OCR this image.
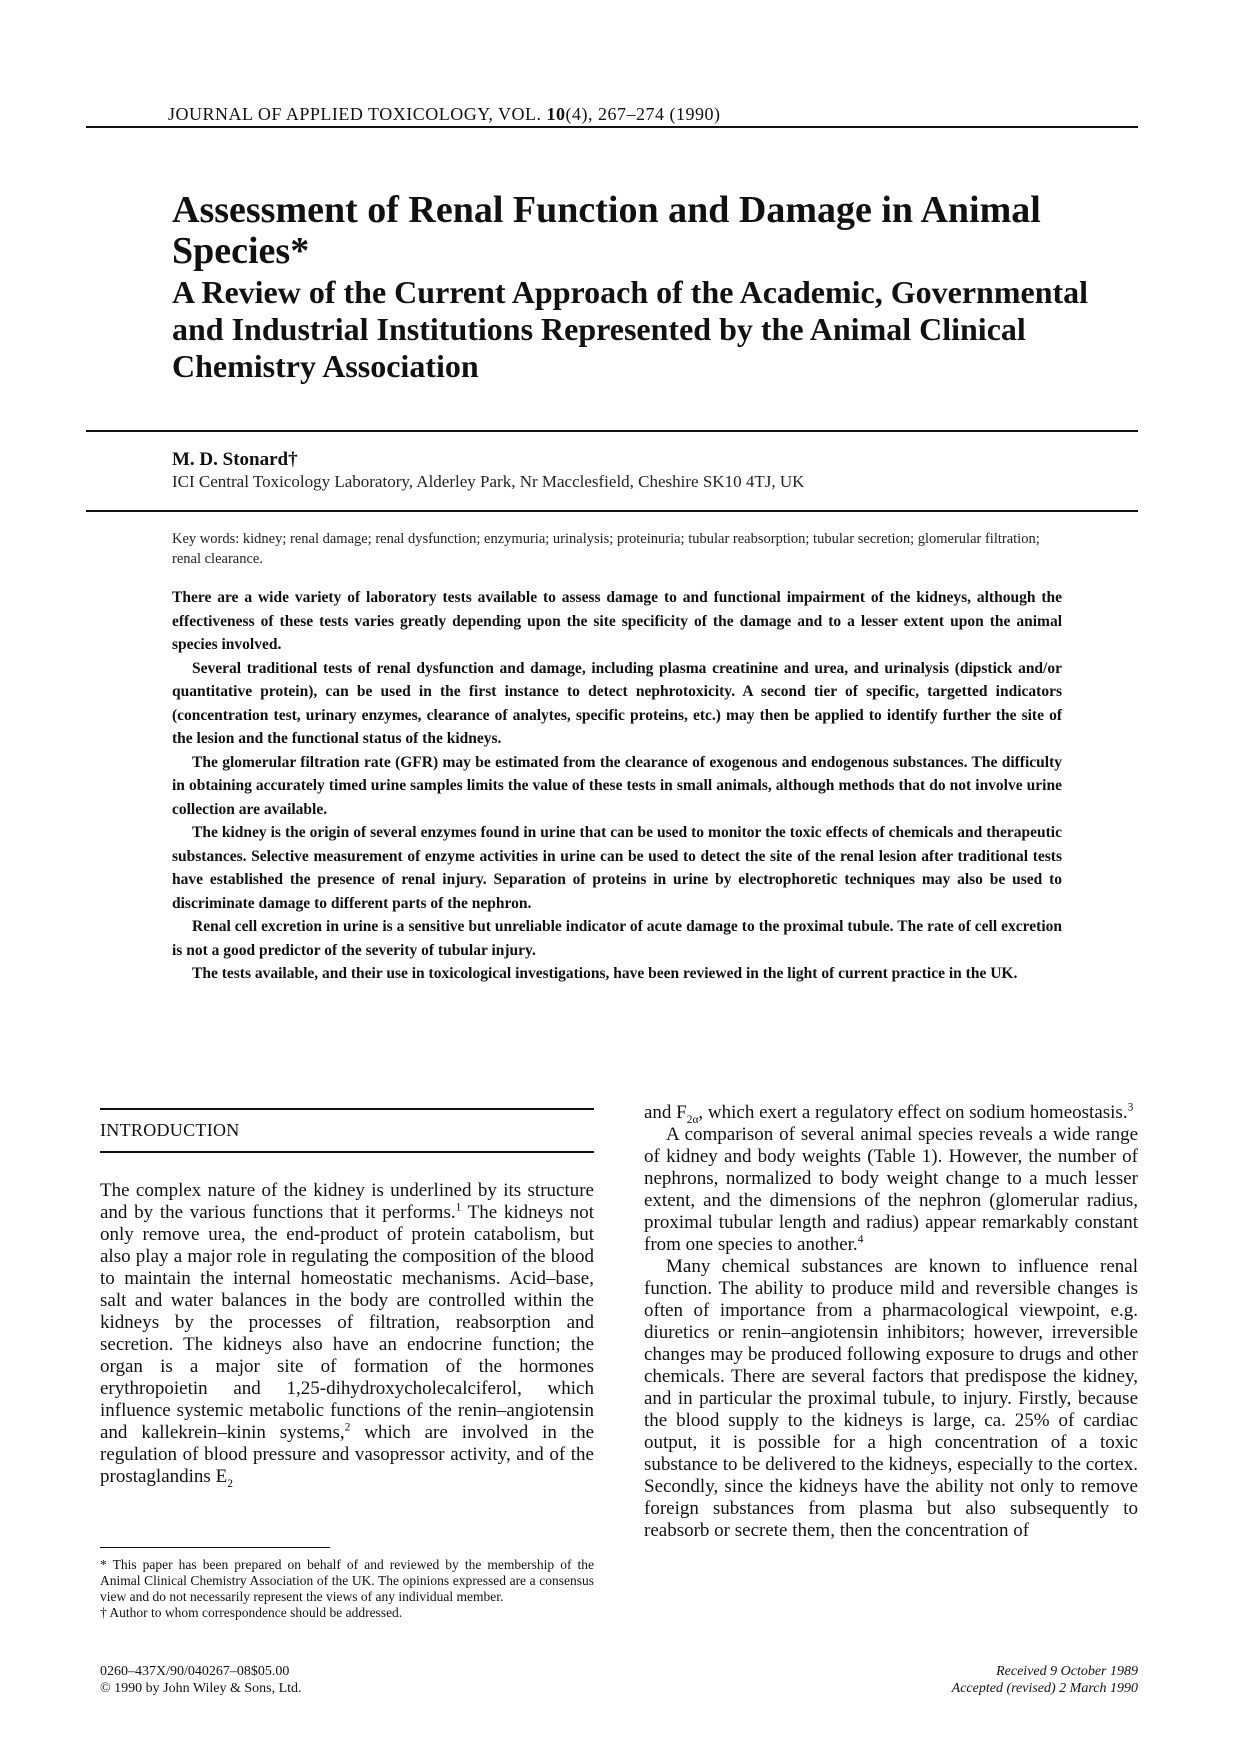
JOURNAL OF APPLIED TOXICOLOGY, VOL. 10(4), 267–274 (1990)
Assessment of Renal Function and Damage in Animal Species*
A Review of the Current Approach of the Academic, Governmental and Industrial Institutions Represented by the Animal Clinical Chemistry Association
M. D. Stonard†
ICI Central Toxicology Laboratory, Alderley Park, Nr Macclesfield, Cheshire SK10 4TJ, UK
Key words: kidney; renal damage; renal dysfunction; enzymuria; urinalysis; proteinuria; tubular reabsorption; tubular secretion; glomerular filtration; renal clearance.

There are a wide variety of laboratory tests available to assess damage to and functional impairment of the kidneys, although the effectiveness of these tests varies greatly depending upon the site specificity of the damage and to a lesser extent upon the animal species involved.

Several traditional tests of renal dysfunction and damage, including plasma creatinine and urea, and urinalysis (dipstick and/or quantitative protein), can be used in the first instance to detect nephrotoxicity. A second tier of specific, targetted indicators (concentration test, urinary enzymes, clearance of analytes, specific proteins, etc.) may then be applied to identify further the site of the lesion and the functional status of the kidneys.

The glomerular filtration rate (GFR) may be estimated from the clearance of exogenous and endogenous substances. The difficulty in obtaining accurately timed urine samples limits the value of these tests in small animals, although methods that do not involve urine collection are available.

The kidney is the origin of several enzymes found in urine that can be used to monitor the toxic effects of chemicals and therapeutic substances. Selective measurement of enzyme activities in urine can be used to detect the site of the renal lesion after traditional tests have established the presence of renal injury. Separation of proteins in urine by electrophoretic techniques may also be used to discriminate damage to different parts of the nephron.

Renal cell excretion in urine is a sensitive but unreliable indicator of acute damage to the proximal tubule. The rate of cell excretion is not a good predictor of the severity of tubular injury.

The tests available, and their use in toxicological investigations, have been reviewed in the light of current practice in the UK.

INTRODUCTION

The complex nature of the kidney is underlined by its structure and by the various functions that it performs.$^1$ The kidneys not only remove urea, the end-product of protein catabolism, but also play a major role in regulating the composition of the blood to maintain the internal homeostatic mechanisms. Acid–base, salt and water balances in the body are controlled within the kidneys by the processes of filtration, reabsorption and secretion. The kidneys also have an endocrine function; the organ is a major site of formation of the hormones erythropoietin and 1,25-dihydroxycholecalciferol, which influence systemic metabolic functions of the renin–angiotensin and kallekrein–kinin systems,$^2$ which are involved in the regulation of blood pressure and vasopressor activity, and of the prostaglandins $E_2$

* This paper has been prepared on behalf of and reviewed by the membership of the Animal Clinical Chemistry Association of the UK. The opinions expressed are a consensus view and do not necessarily represent the views of any individual member.

† Author to whom correspondence should be addressed.

and $F_{2\alpha}$, which exert a regulatory effect on sodium homeostasis.$^3$

A comparison of several animal species reveals a wide range of kidney and body weights (Table 1). However, the number of nephrons, normalized to body weight change to a much lesser extent, and the dimensions of the nephron (glomerular radius, proximal tubular length and radius) appear remarkably constant from one species to another.$^4$

Many chemical substances are known to influence renal function. The ability to produce mild and reversible changes is often of importance from a pharmacological viewpoint, e.g. diuretics or renin–angiotensin inhibitors; however, irreversible changes may be produced following exposure to drugs and other chemicals. There are several factors that predispose the kidney, and in particular the proximal tubule, to injury. Firstly, because the blood supply to the kidneys is large, ca. 25% of cardiac output, it is possible for a high concentration of a toxic substance to be delivered to the kidneys, especially to the cortex. Secondly, since the kidneys have the ability not only to remove foreign substances from plasma but also subsequently to reabsorb or secrete them, then the concentration of

0260–437X/90/040267–08$05.00

© 1990 by John Wiley & Sons, Ltd.

Received 9 October 1989

Accepted (revised) 2 March 1990
